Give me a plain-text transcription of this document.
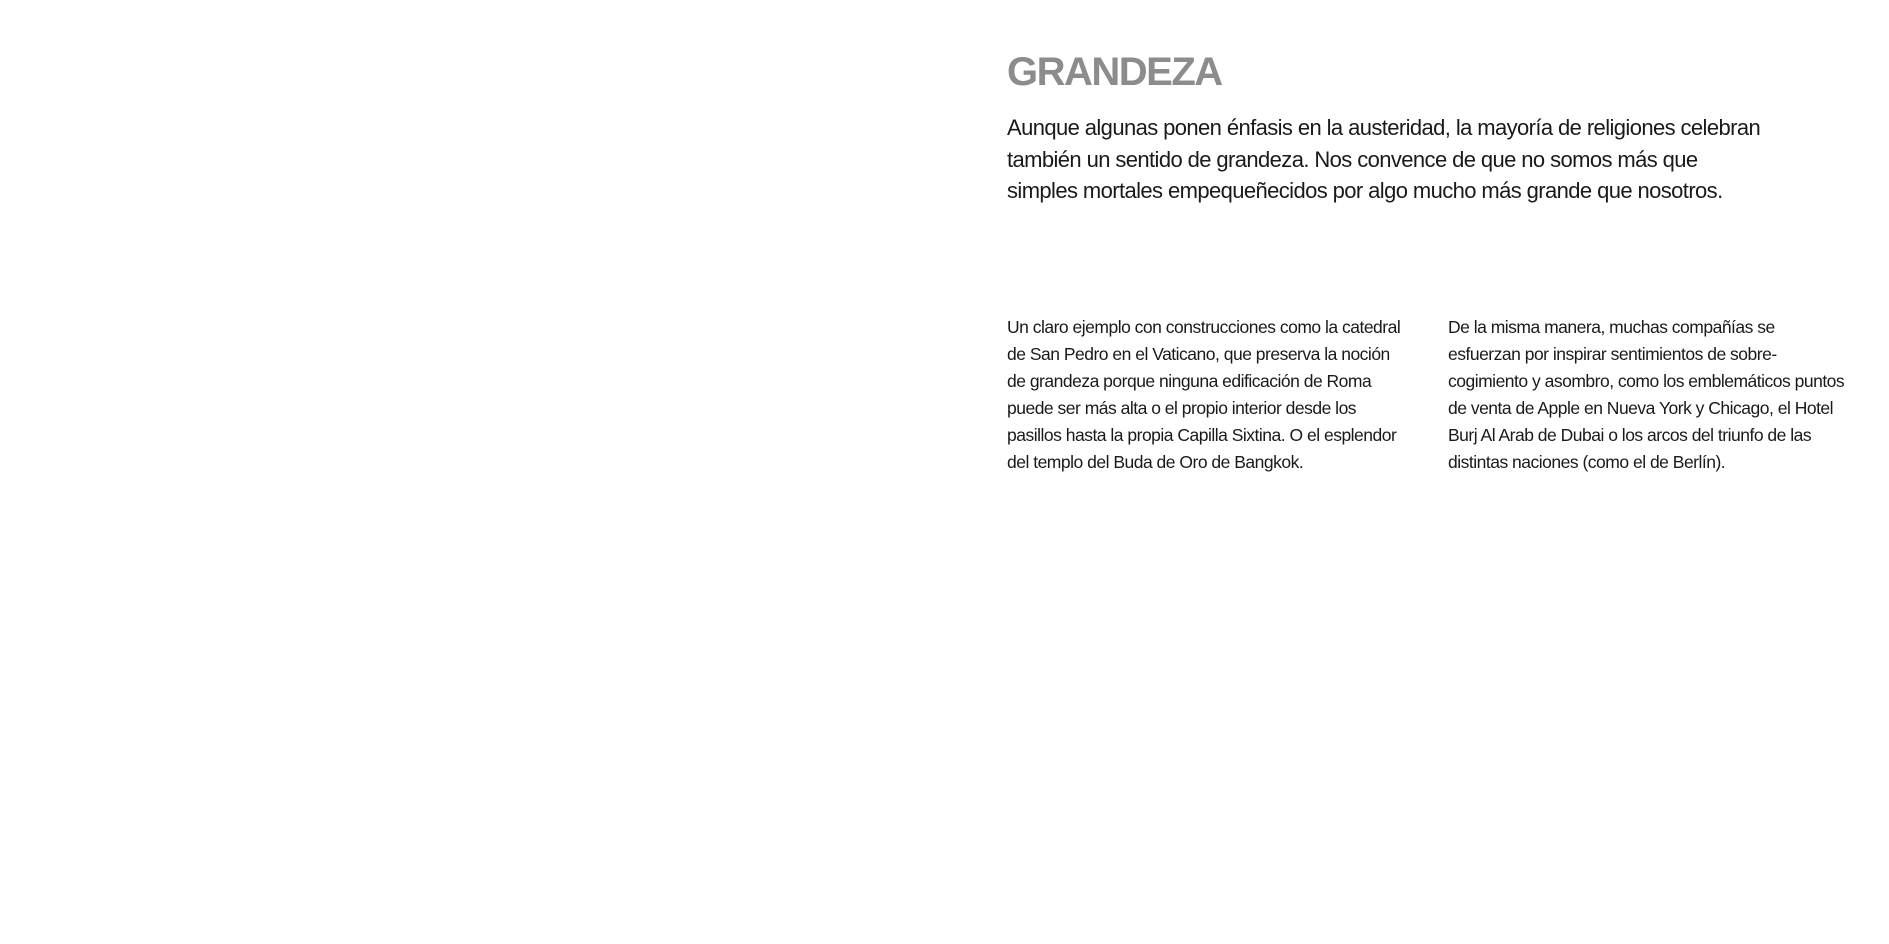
GRANDEZA

Aunque algunas ponen énfasis en la austeridad, la mayoría de religiones celebran también un sentido de grandeza. Nos convence de que no somos más que simples mortales empequeñecidos por algo mucho más grande que nosotros.

Un claro ejemplo con construcciones como la catedral de San Pedro en el Vaticano, que preserva la noción de grandeza porque ninguna edificación de Roma puede ser más alta o el propio interior desde los pasillos hasta la propia Capilla Sixtina. O el esplendor del templo del Buda de Oro de Bangkok.

De la misma manera, muchas compañías se esfuerzan por inspirar sentimientos de sobre-cogimiento y asombro, como los emblemáticos puntos de venta de Apple en Nueva York y Chicago, el Hotel Burj Al Arab de Dubai o los arcos del triunfo de las distintas naciones (como el de Berlín).
